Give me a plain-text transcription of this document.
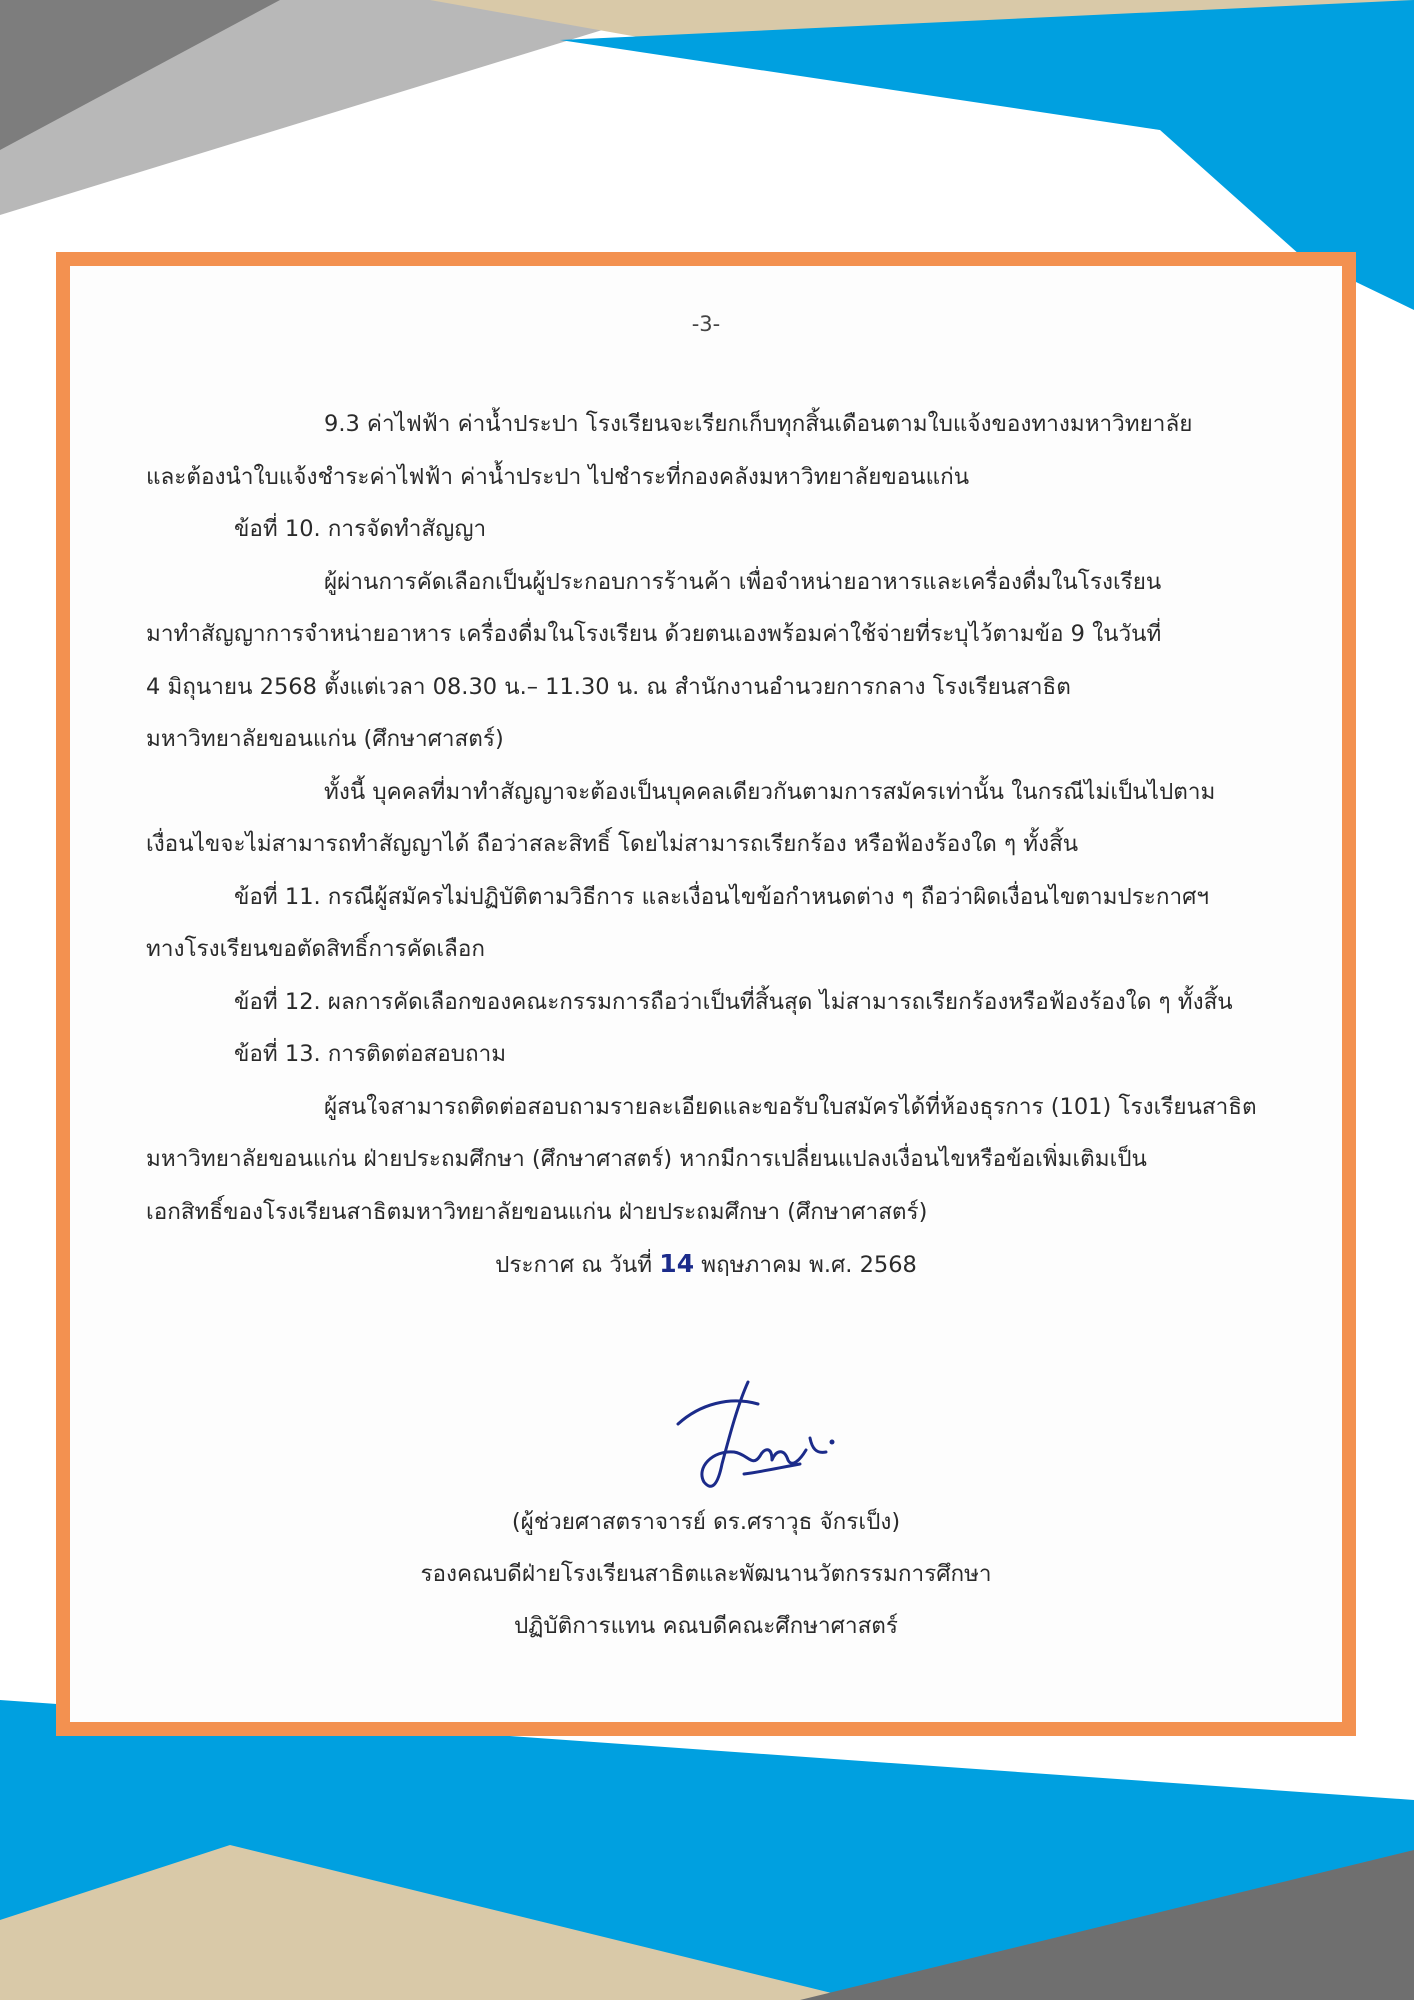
-3-
9.3 ค่าไฟฟ้า ค่าน้ำประปา โรงเรียนจะเรียกเก็บทุกสิ้นเดือนตามใบแจ้งของทางมหาวิทยาลัย
และต้องนำใบแจ้งชำระค่าไฟฟ้า ค่าน้ำประปา ไปชำระที่กองคลังมหาวิทยาลัยขอนแก่น
ข้อที่ 10. การจัดทำสัญญา
ผู้ผ่านการคัดเลือกเป็นผู้ประกอบการร้านค้า เพื่อจำหน่ายอาหารและเครื่องดื่มในโรงเรียน
มาทำสัญญาการจำหน่ายอาหาร เครื่องดื่มในโรงเรียน ด้วยตนเองพร้อมค่าใช้จ่ายที่ระบุไว้ตามข้อ 9 ในวันที่
4 มิถุนายน 2568 ตั้งแต่เวลา 08.30 น.– 11.30 น. ณ สำนักงานอำนวยการกลาง โรงเรียนสาธิต
มหาวิทยาลัยขอนแก่น (ศึกษาศาสตร์)
ทั้งนี้ บุคคลที่มาทำสัญญาจะต้องเป็นบุคคลเดียวกันตามการสมัครเท่านั้น ในกรณีไม่เป็นไปตาม
เงื่อนไขจะไม่สามารถทำสัญญาได้ ถือว่าสละสิทธิ์ โดยไม่สามารถเรียกร้อง หรือฟ้องร้องใด ๆ ทั้งสิ้น
ข้อที่ 11. กรณีผู้สมัครไม่ปฏิบัติตามวิธีการ และเงื่อนไขข้อกำหนดต่าง ๆ ถือว่าผิดเงื่อนไขตามประกาศฯ
ทางโรงเรียนขอตัดสิทธิ์การคัดเลือก
ข้อที่ 12. ผลการคัดเลือกของคณะกรรมการถือว่าเป็นที่สิ้นสุด ไม่สามารถเรียกร้องหรือฟ้องร้องใด ๆ ทั้งสิ้น
ข้อที่ 13. การติดต่อสอบถาม
ผู้สนใจสามารถติดต่อสอบถามรายละเอียดและขอรับใบสมัครได้ที่ห้องธุรการ (101) โรงเรียนสาธิต
มหาวิทยาลัยขอนแก่น ฝ่ายประถมศึกษา (ศึกษาศาสตร์) หากมีการเปลี่ยนแปลงเงื่อนไขหรือข้อเพิ่มเติมเป็น
เอกสิทธิ์ของโรงเรียนสาธิตมหาวิทยาลัยขอนแก่น ฝ่ายประถมศึกษา (ศึกษาศาสตร์)
ประกาศ ณ วันที่ 14 พฤษภาคม พ.ศ. 2568
(ผู้ช่วยศาสตราจารย์ ดร.ศราวุธ จักรเป็ง)
รองคณบดีฝ่ายโรงเรียนสาธิตและพัฒนานวัตกรรมการศึกษา
ปฏิบัติการแทน คณบดีคณะศึกษาศาสตร์
